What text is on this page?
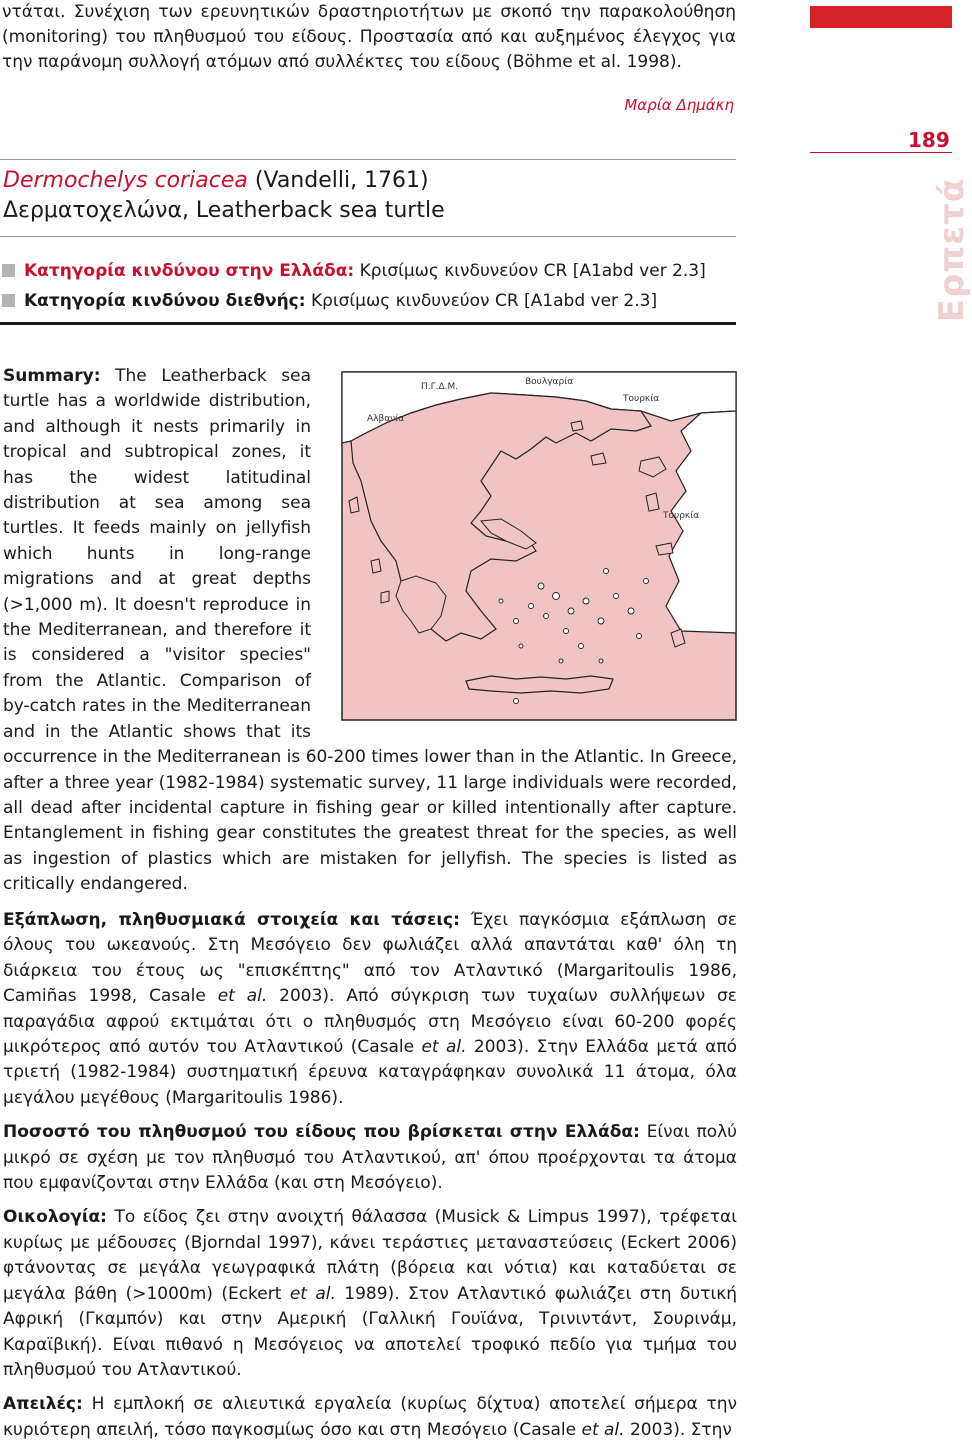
ντάται. Συνέχιση των ερευνητικών δραστηριοτήτων με σκοπό την παρακολούθηση (monitoring) του πληθυσμού του είδους. Προστασία από και αυξημένος έλεγχος για την παράνομη συλλογή ατόμων από συλλέκτες του είδους (Böhme et al. 1998).
Μαρία Δημάκη
189
Ερπετά
Dermochelys coriacea (Vandelli, 1761)
Δερματοχελώνα, Leatherback sea turtle
Κατηγορία κινδύνου στην Ελλάδα: Κρισίμως κινδυνεύον CR [A1abd ver 2.3]
Κατηγορία κινδύνου διεθνής: Κρισίμως κινδυνεύον CR [A1abd ver 2.3]
Π.Γ.Δ.Μ.	Βουλγαρία
Τουρκία
Αλβανία
Τουρκία
Summary: The Leatherback sea turtle has a worldwide distribution, and although it nests primarily in tropical and subtropical zones, it has the widest latitudinal distribution at sea among sea turtles. It feeds mainly on jellyfish which hunts in long-range migrations and at great depths (>1,000 m). It doesn't reproduce in the Mediterranean, and therefore it is considered a "visitor species" from the Atlantic. Comparison of by-catch rates in the Mediterranean and in the Atlantic shows that its occurrence in the Mediterranean is 60-200 times lower than in the Atlantic. In Greece, after a three year (1982-1984) systematic survey, 11 large individuals were recorded, all dead after incidental capture in fishing gear or killed intentionally after capture. Entanglement in fishing gear constitutes the greatest threat for the species, as well as ingestion of plastics which are mistaken for jellyfish. The species is listed as critically endangered.

Εξάπλωση, πληθυσμιακά στοιχεία και τάσεις: Έχει παγκόσμια εξάπλωση σε όλους του ωκεανούς. Στη Μεσόγειο δεν φωλιάζει αλλά απαντάται καθ' όλη τη διάρκεια του έτους ως "επισκέπτης" από τον Ατλαντικό (Margaritoulis 1986, Camiñas 1998, Casale et al. 2003). Από σύγκριση των τυχαίων συλλήψεων σε παραγάδια αφρού εκτιμάται ότι ο πληθυσμός στη Μεσόγειο είναι 60-200 φορές μικρότερος από αυτόν του Ατλαντικού (Casale et al. 2003). Στην Ελλάδα μετά από τριετή (1982-1984) συστηματική έρευνα καταγράφηκαν συνολικά 11 άτομα, όλα μεγάλου μεγέθους (Margaritoulis 1986).

Ποσοστό του πληθυσμού του είδους που βρίσκεται στην Ελλάδα: Είναι πολύ μικρό σε σχέση με τον πληθυσμό του Ατλαντικού, απ' όπου προέρχονται τα άτομα που εμφανίζονται στην Ελλάδα (και στη Μεσόγειο).

Οικολογία: Το είδος ζει στην ανοιχτή θάλασσα (Musick & Limpus 1997), τρέφεται κυρίως με μέδουσες (Bjorndal 1997), κάνει τεράστιες μεταναστεύσεις (Eckert 2006) φτάνοντας σε μεγάλα γεωγραφικά πλάτη (βόρεια και νότια) και καταδύεται σε μεγάλα βάθη (>1000m) (Eckert et al. 1989). Στον Ατλαντικό φωλιάζει στη δυτική Αφρική (Γκαμπόν) και στην Αμερική (Γαλλική Γουϊάνα, Τρινιντάντ, Σουρινάμ, Καραϊβική). Είναι πιθανό η Μεσόγειος να αποτελεί τροφικό πεδίο για τμήμα του πληθυσμού του Ατλαντικού.

Απειλές: Η εμπλοκή σε αλιευτικά εργαλεία (κυρίως δίχτυα) αποτελεί σήμερα την κυριότερη απειλή, τόσο παγκοσμίως όσο και στη Μεσόγειο (Casale et al. 2003). Στην
